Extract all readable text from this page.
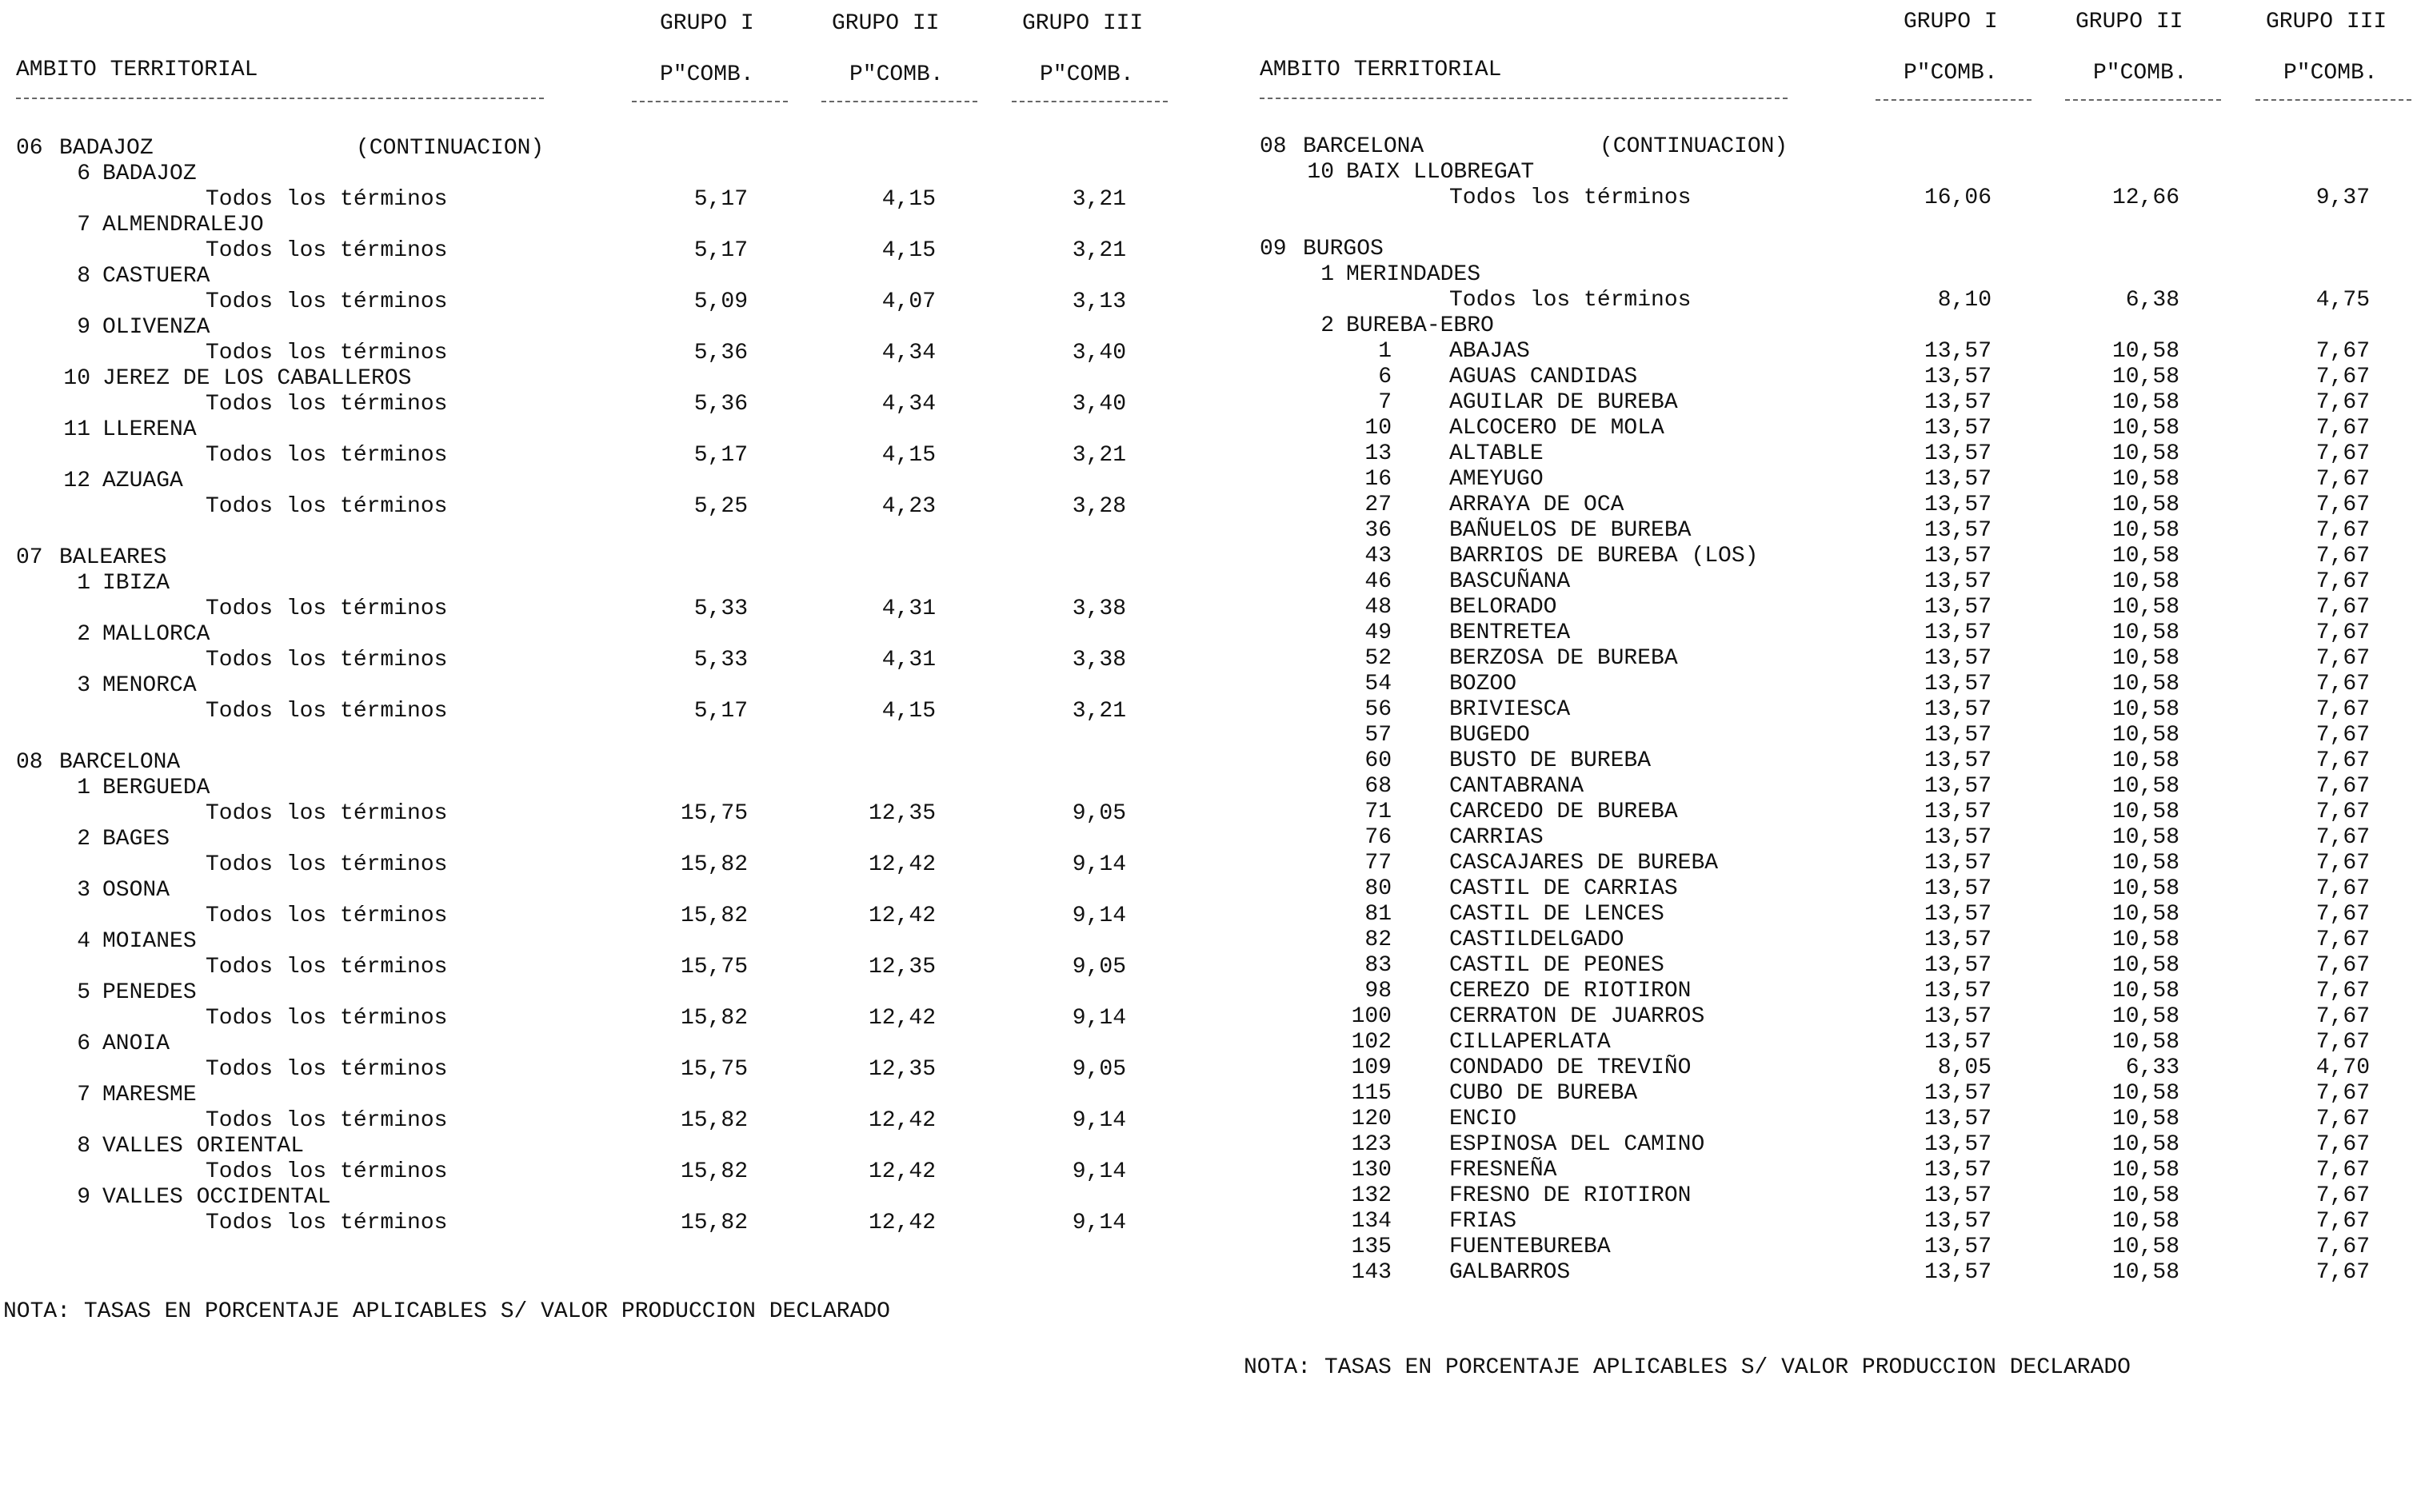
GRUPO I	GRUPO II	GRUPO III
AMBITO TERRITORIAL	P"COMB.	P"COMB.	P"COMB.
06 BADAJOZ	(CONTINUACION)
6 BADAJOZ
Todos los términos	5,17	4,15	3,21
7 ALMENDRALEJO
Todos los términos	5,17	4,15	3,21
8 CASTUERA
Todos los términos	5,09	4,07	3,13
9 OLIVENZA
Todos los términos	5,36	4,34	3,40
10 JEREZ DE LOS CABALLEROS
Todos los términos	5,36	4,34	3,40
11 LLERENA
Todos los términos	5,17	4,15	3,21
12 AZUAGA
Todos los términos	5,25	4,23	3,28
07 BALEARES
1 IBIZA
Todos los términos	5,33	4,31	3,38
2 MALLORCA
Todos los términos	5,33	4,31	3,38
3 MENORCA
Todos los términos	5,17	4,15	3,21
08 BARCELONA
1 BERGUEDA
Todos los términos	15,75	12,35	9,05
2 BAGES
Todos los términos	15,82	12,42	9,14
3 OSONA
Todos los términos	15,82	12,42	9,14
4 MOIANES
Todos los términos	15,75	12,35	9,05
5 PENEDES
Todos los términos	15,82	12,42	9,14
6 ANOIA
Todos los términos	15,75	12,35	9,05
7 MARESME
Todos los términos	15,82	12,42	9,14
8 VALLES ORIENTAL
Todos los términos	15,82	12,42	9,14
9 VALLES OCCIDENTAL
Todos los términos	15,82	12,42	9,14
NOTA: TASAS EN PORCENTAJE APLICABLES S/ VALOR PRODUCCION DECLARADO
GRUPO I	GRUPO II	GRUPO III
AMBITO TERRITORIAL	P"COMB.	P"COMB.	P"COMB.
08 BARCELONA	(CONTINUACION)
10 BAIX LLOBREGAT
Todos los términos	16,06	12,66	9,37
09 BURGOS
1 MERINDADES
Todos los términos	8,10	6,38	4,75
2 BUREBA-EBRO
1	ABAJAS	13,57	10,58	7,67
6	AGUAS CANDIDAS	13,57	10,58	7,67
7	AGUILAR DE BUREBA	13,57	10,58	7,67
10	ALCOCERO DE MOLA	13,57	10,58	7,67
13	ALTABLE	13,57	10,58	7,67
16	AMEYUGO	13,57	10,58	7,67
27	ARRAYA DE OCA	13,57	10,58	7,67
36	BAÑUELOS DE BUREBA	13,57	10,58	7,67
43	BARRIOS DE BUREBA (LOS)	13,57	10,58	7,67
46	BASCUÑANA	13,57	10,58	7,67
48	BELORADO	13,57	10,58	7,67
49	BENTRETEA	13,57	10,58	7,67
52	BERZOSA DE BUREBA	13,57	10,58	7,67
54	BOZOO	13,57	10,58	7,67
56	BRIVIESCA	13,57	10,58	7,67
57	BUGEDO	13,57	10,58	7,67
60	BUSTO DE BUREBA	13,57	10,58	7,67
68	CANTABRANA	13,57	10,58	7,67
71	CARCEDO DE BUREBA	13,57	10,58	7,67
76	CARRIAS	13,57	10,58	7,67
77	CASCAJARES DE BUREBA	13,57	10,58	7,67
80	CASTIL DE CARRIAS	13,57	10,58	7,67
81	CASTIL DE LENCES	13,57	10,58	7,67
82	CASTILDELGADO	13,57	10,58	7,67
83	CASTIL DE PEONES	13,57	10,58	7,67
98	CEREZO DE RIOTIRON	13,57	10,58	7,67
100	CERRATON DE JUARROS	13,57	10,58	7,67
102	CILLAPERLATA	13,57	10,58	7,67
109	CONDADO DE TREVIÑO	8,05	6,33	4,70
115	CUBO DE BUREBA	13,57	10,58	7,67
120	ENCIO	13,57	10,58	7,67
123	ESPINOSA DEL CAMINO	13,57	10,58	7,67
130	FRESNEÑA	13,57	10,58	7,67
132	FRESNO DE RIOTIRON	13,57	10,58	7,67
134	FRIAS	13,57	10,58	7,67
135	FUENTEBUREBA	13,57	10,58	7,67
143	GALBARROS	13,57	10,58	7,67
NOTA: TASAS EN PORCENTAJE APLICABLES S/ VALOR PRODUCCION DECLARADO
